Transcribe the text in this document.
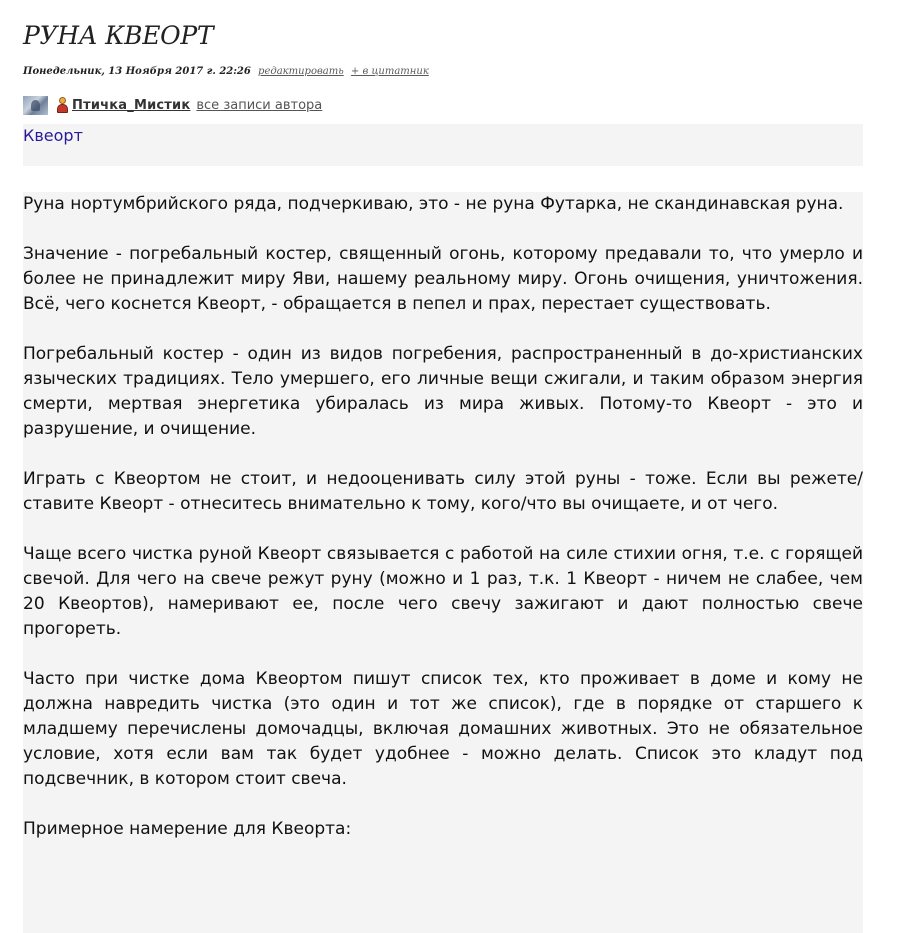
РУНА КВЕОРТ
Понедельник, 13 Ноября 2017 г. 22:26 редактировать + в цитатник
Птичка_Мистик все записи автора
Квеорт

Руна нортумбрийского ряда, подчеркиваю, это - не руна Футарка, не скандинавская руна.

Значение - погребальный костер, священный огонь, которому предавали то, что умерло и более не принадлежит миру Яви, нашему реальному миру. Огонь очищения, уничтожения. Всё, чего коснется Квеорт, - обращается в пепел и прах, перестает существовать.

Погребальный костер - один из видов погребения, распространенный в до-христианских языческих традициях. Тело умершего, его личные вещи сжигали, и таким образом энергия смерти, мертвая энергетика убиралась из мира живых. Потому-то Квеорт - это и разрушение, и очищение.

Играть с Квеортом не стоит, и недооценивать силу этой руны - тоже. Если вы режете/ставите Квеорт - отнеситесь внимательно к тому, кого/что вы очищаете, и от чего.

Чаще всего чистка руной Квеорт связывается с работой на силе стихии огня, т.е. с горящей свечой. Для чего на свече режут руну (можно и 1 раз, т.к. 1 Квеорт - ничем не слабее, чем 20 Квеортов), намеривают ее, после чего свечу зажигают и дают полностью свече прогореть.

Часто при чистке дома Квеортом пишут список тех, кто проживает в доме и кому не должна навредить чистка (это один и тот же список), где в порядке от старшего к младшему перечислены домочадцы, включая домашних животных. Это не обязательное условие, хотя если вам так будет удобнее - можно делать. Список это кладут под подсвечник, в котором стоит свеча.

Примерное намерение для Квеорта:
